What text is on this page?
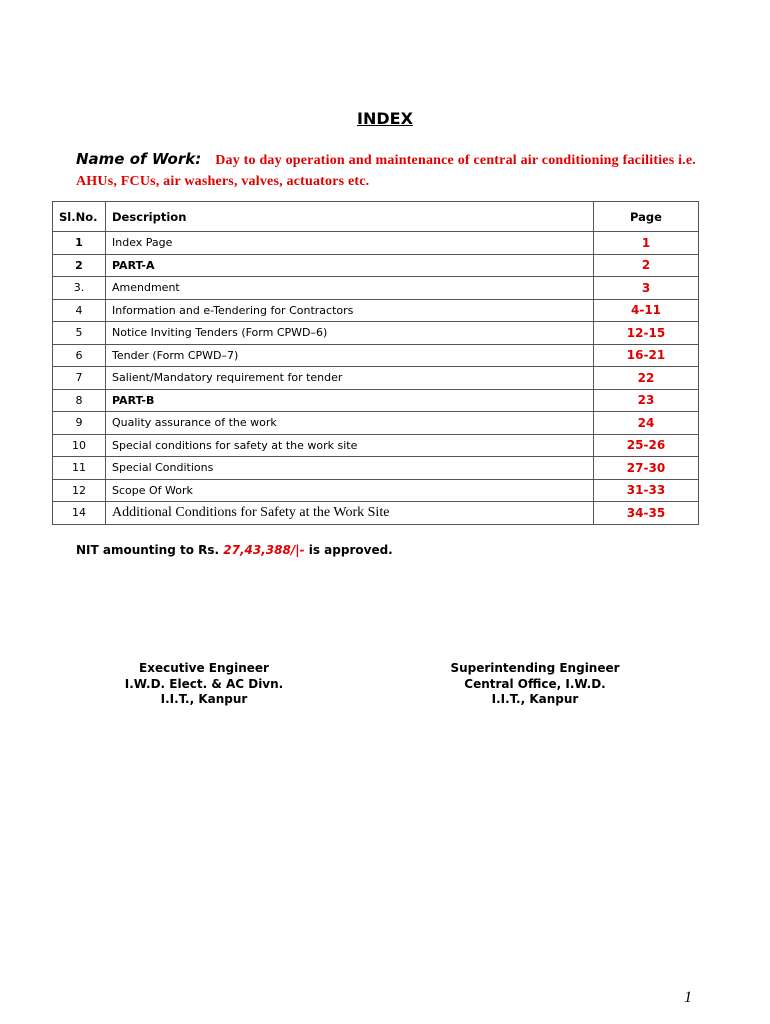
INDEX
Name of Work: Day to day operation and maintenance of central air conditioning facilities i.e. AHUs, FCUs, air washers, valves, actuators etc.
Sl.No.	Description	Page
1	Index Page	1
2	PART-A	2
3.	Amendment	3
4	Information and e-Tendering for Contractors	4-11
5	Notice Inviting Tenders (Form CPWD–6)	12-15
6	Tender (Form CPWD–7)	16-21
7	Salient/Mandatory requirement for tender	22
8	PART-B	23
9	Quality assurance of the work	24
10	Special conditions for safety at the work site	25-26
11	Special Conditions	27-30
12	Scope Of Work	31-33
14	Additional Conditions for Safety at the Work Site	34-35
NIT amounting to Rs. 27,43,388/|- is approved.
Executive Engineer
I.W.D. Elect. & AC Divn.
I.I.T., Kanpur
Superintending Engineer
Central Office, I.W.D.
I.I.T., Kanpur
1
